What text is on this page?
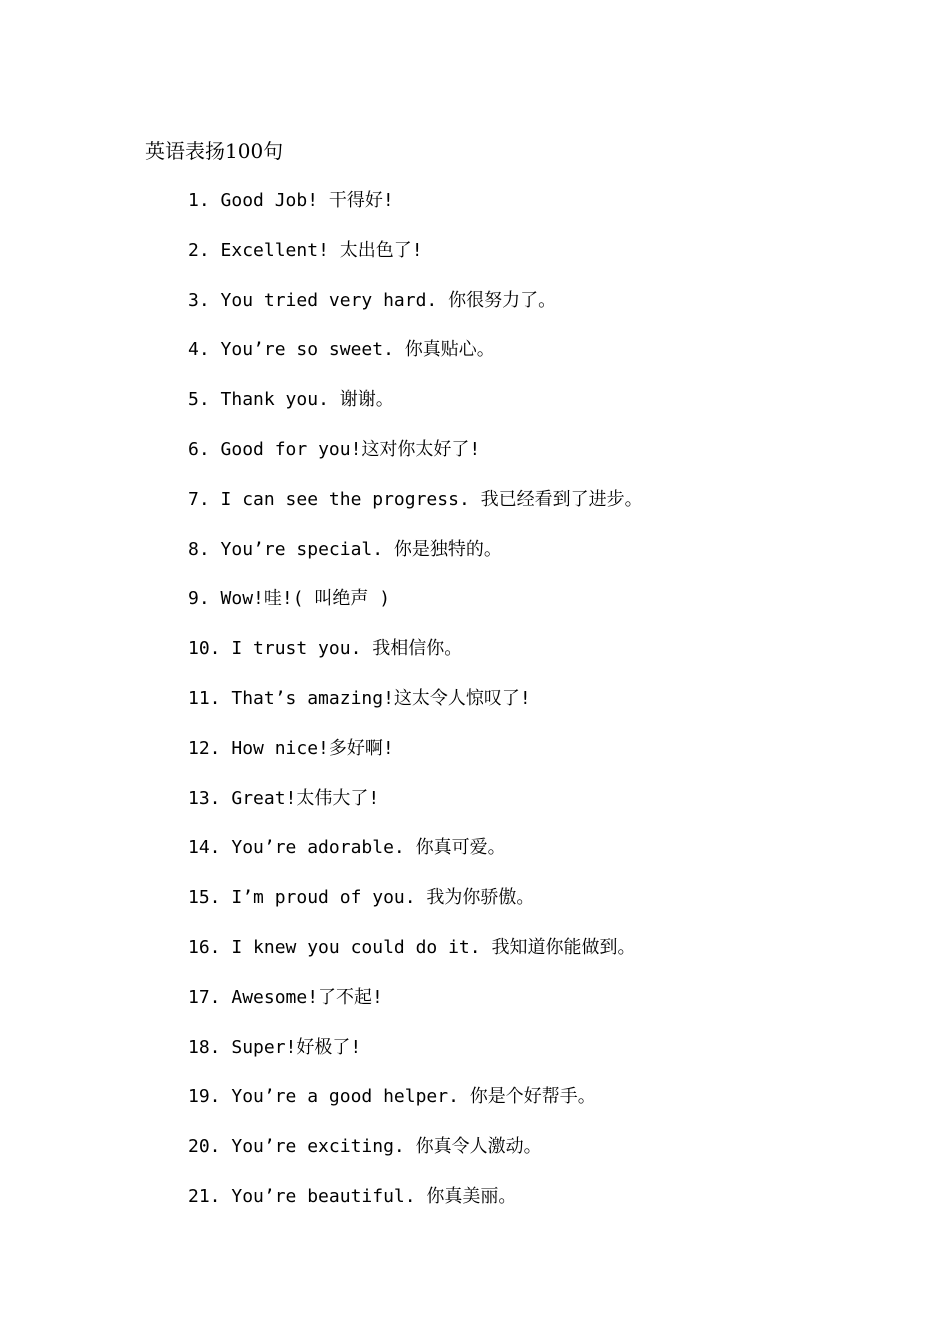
英语表扬100句
1. Good Job! 干得好!
2. Excellent! 太出色了!
3. You tried very hard. 你很努力了。
4. You’re so sweet. 你真贴心。
5. Thank you. 谢谢。
6. Good for you!这对你太好了!
7. I can see the progress. 我已经看到了进步。
8. You’re special. 你是独特的。
9. Wow!哇!( 叫绝声 )
10. I trust you. 我相信你。
11. That’s amazing!这太令人惊叹了!
12. How nice!多好啊!
13. Great!太伟大了!
14. You’re adorable. 你真可爱。
15. I’m proud of you. 我为你骄傲。
16. I knew you could do it. 我知道你能做到。
17. Awesome!了不起!
18. Super!好极了!
19. You’re a good helper. 你是个好帮手。
20. You’re exciting. 你真令人激动。
21. You’re beautiful. 你真美丽。
